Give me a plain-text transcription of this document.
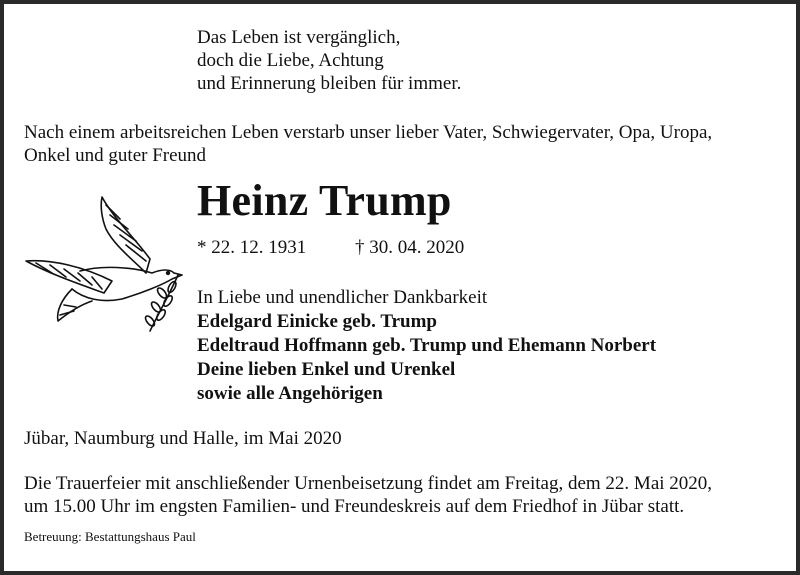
Das Leben ist vergänglich,
doch die Liebe, Achtung
und Erinnerung bleiben für immer.
Nach einem arbeitsreichen Leben verstarb unser lieber Vater, Schwiegervater, Opa, Uropa,
Onkel und guter Freund
Heinz Trump
* 22. 12. 1931	† 30. 04. 2020
In Liebe und unendlicher Dankbarkeit
Edelgard Einicke geb. Trump
Edeltraud Hoffmann geb. Trump und Ehemann Norbert
Deine lieben Enkel und Urenkel
sowie alle Angehörigen
Jübar, Naumburg und Halle, im Mai 2020
Die Trauerfeier mit anschließender Urnenbeisetzung findet am Freitag, dem 22. Mai 2020,
um 15.00 Uhr im engsten Familien- und Freundeskreis auf dem Friedhof in Jübar statt.
Betreuung: Bestattungshaus Paul
